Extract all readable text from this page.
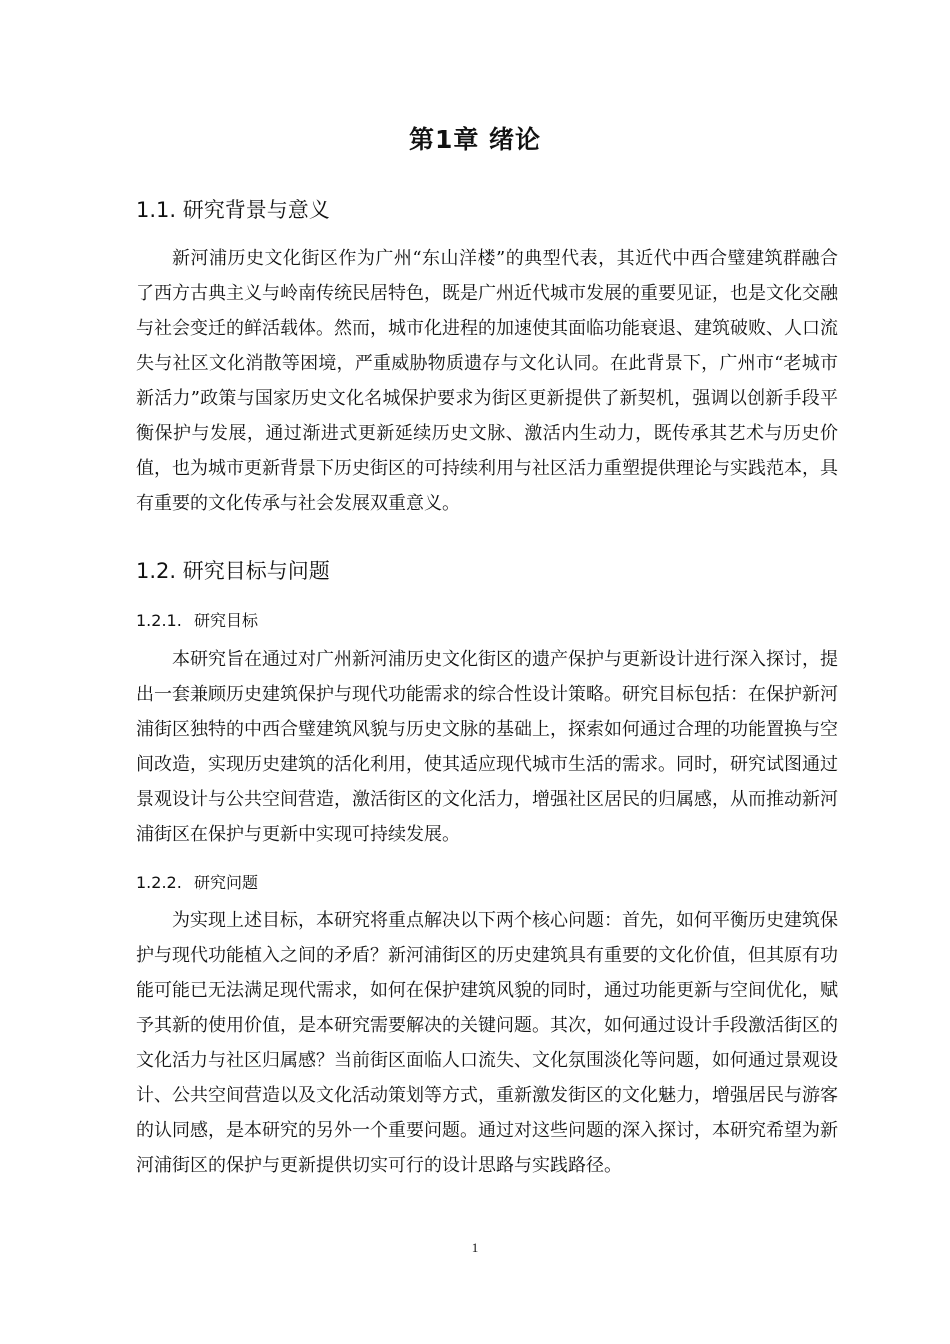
第1章 绪论
1.1. 研究背景与意义

新河浦历史文化街区作为广州“东山洋楼”的典型代表，其近代中西合璧建筑群融合了西方古典主义与岭南传统民居特色，既是广州近代城市发展的重要见证，也是文化交融与社会变迁的鲜活载体。然而，城市化进程的加速使其面临功能衰退、建筑破败、人口流失与社区文化消散等困境，严重威胁物质遗存与文化认同。在此背景下，广州市“老城市新活力”政策与国家历史文化名城保护要求为街区更新提供了新契机，强调以创新手段平衡保护与发展，通过渐进式更新延续历史文脉、激活内生动力，既传承其艺术与历史价值，也为城市更新背景下历史街区的可持续利用与社区活力重塑提供理论与实践范本，具有重要的文化传承与社会发展双重意义。

1.2. 研究目标与问题
1.2.1. 研究目标

本研究旨在通过对广州新河浦历史文化街区的遗产保护与更新设计进行深入探讨，提出一套兼顾历史建筑保护与现代功能需求的综合性设计策略。研究目标包括：在保护新河浦街区独特的中西合璧建筑风貌与历史文脉的基础上，探索如何通过合理的功能置换与空间改造，实现历史建筑的活化利用，使其适应现代城市生活的需求。同时，研究试图通过景观设计与公共空间营造，激活街区的文化活力，增强社区居民的归属感，从而推动新河浦街区在保护与更新中实现可持续发展。

1.2.2. 研究问题

为实现上述目标，本研究将重点解决以下两个核心问题：首先，如何平衡历史建筑保护与现代功能植入之间的矛盾？新河浦街区的历史建筑具有重要的文化价值，但其原有功能可能已无法满足现代需求，如何在保护建筑风貌的同时，通过功能更新与空间优化，赋予其新的使用价值，是本研究需要解决的关键问题。其次，如何通过设计手段激活街区的文化活力与社区归属感？当前街区面临人口流失、文化氛围淡化等问题，如何通过景观设计、公共空间营造以及文化活动策划等方式，重新激发街区的文化魅力，增强居民与游客的认同感，是本研究的另外一个重要问题。通过对这些问题的深入探讨，本研究希望为新河浦街区的保护与更新提供切实可行的设计思路与实践路径。

1
